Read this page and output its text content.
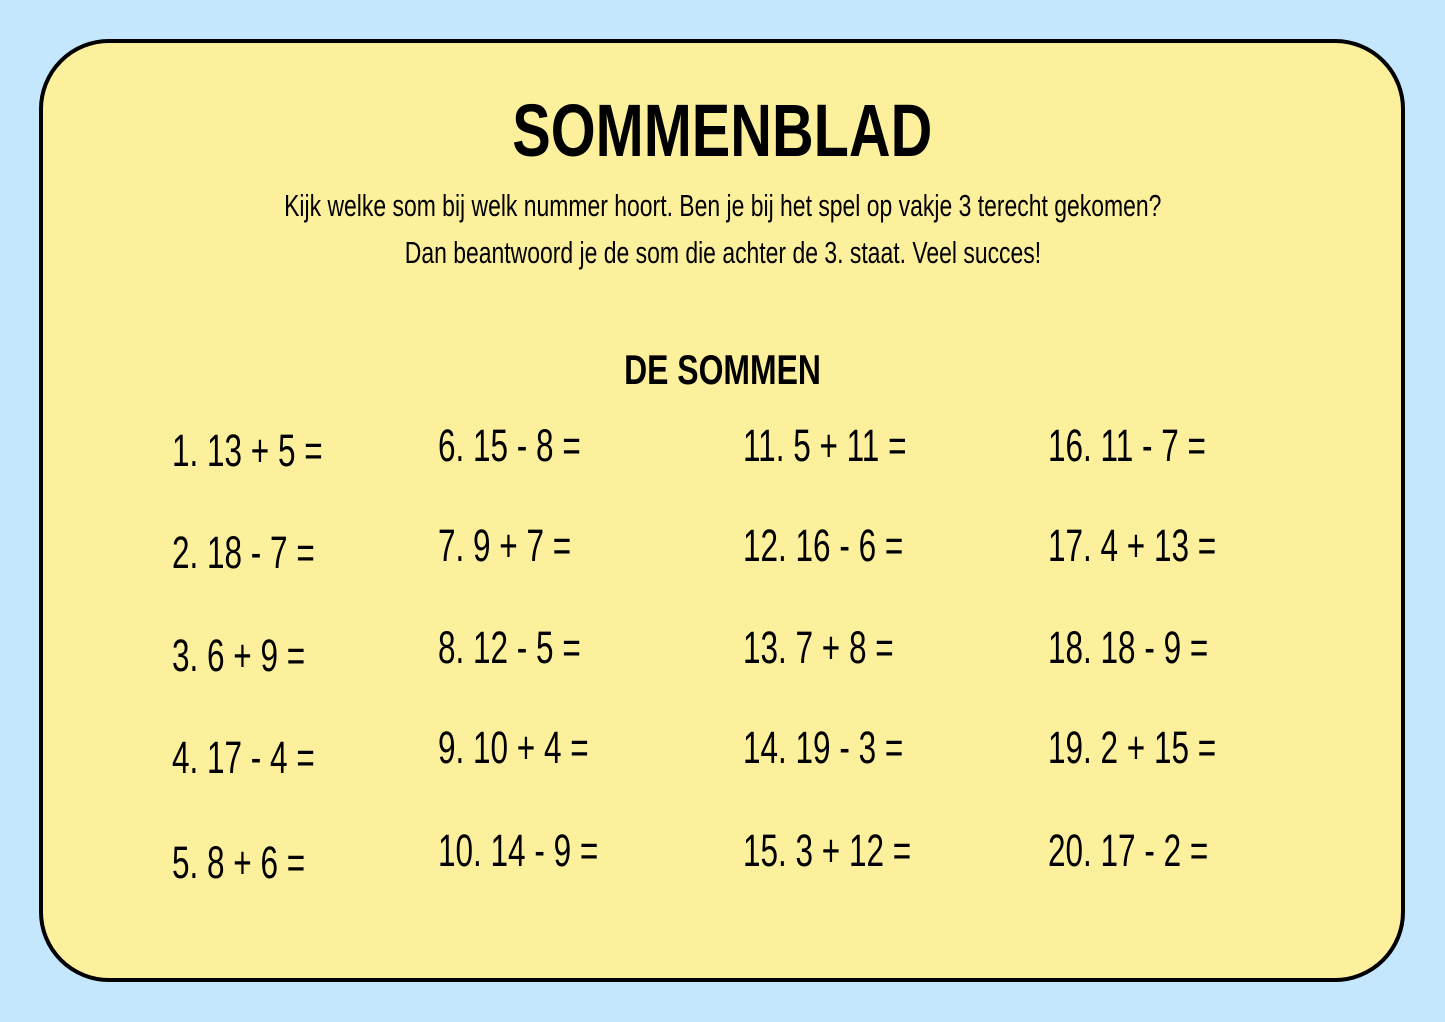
SOMMENBLAD
Kijk welke som bij welk nummer hoort. Ben je bij het spel op vakje 3 terecht gekomen?
Dan beantwoord je de som die achter de 3. staat. Veel succes!
DE SOMMEN
1. 13 + 5 =
2. 18 - 7 =
3. 6 + 9 =
4. 17 - 4 =
5. 8 + 6 =
6. 15 - 8 =
7. 9 + 7 =
8. 12 - 5 =
9. 10 + 4 =
10. 14 - 9 =
11. 5 + 11 =
12. 16 - 6 =
13. 7 + 8 =
14. 19 - 3 =
15. 3 + 12 =
16. 11 - 7 =
17. 4 + 13 =
18. 18 - 9 =
19. 2 + 15 =
20. 17 - 2 =
